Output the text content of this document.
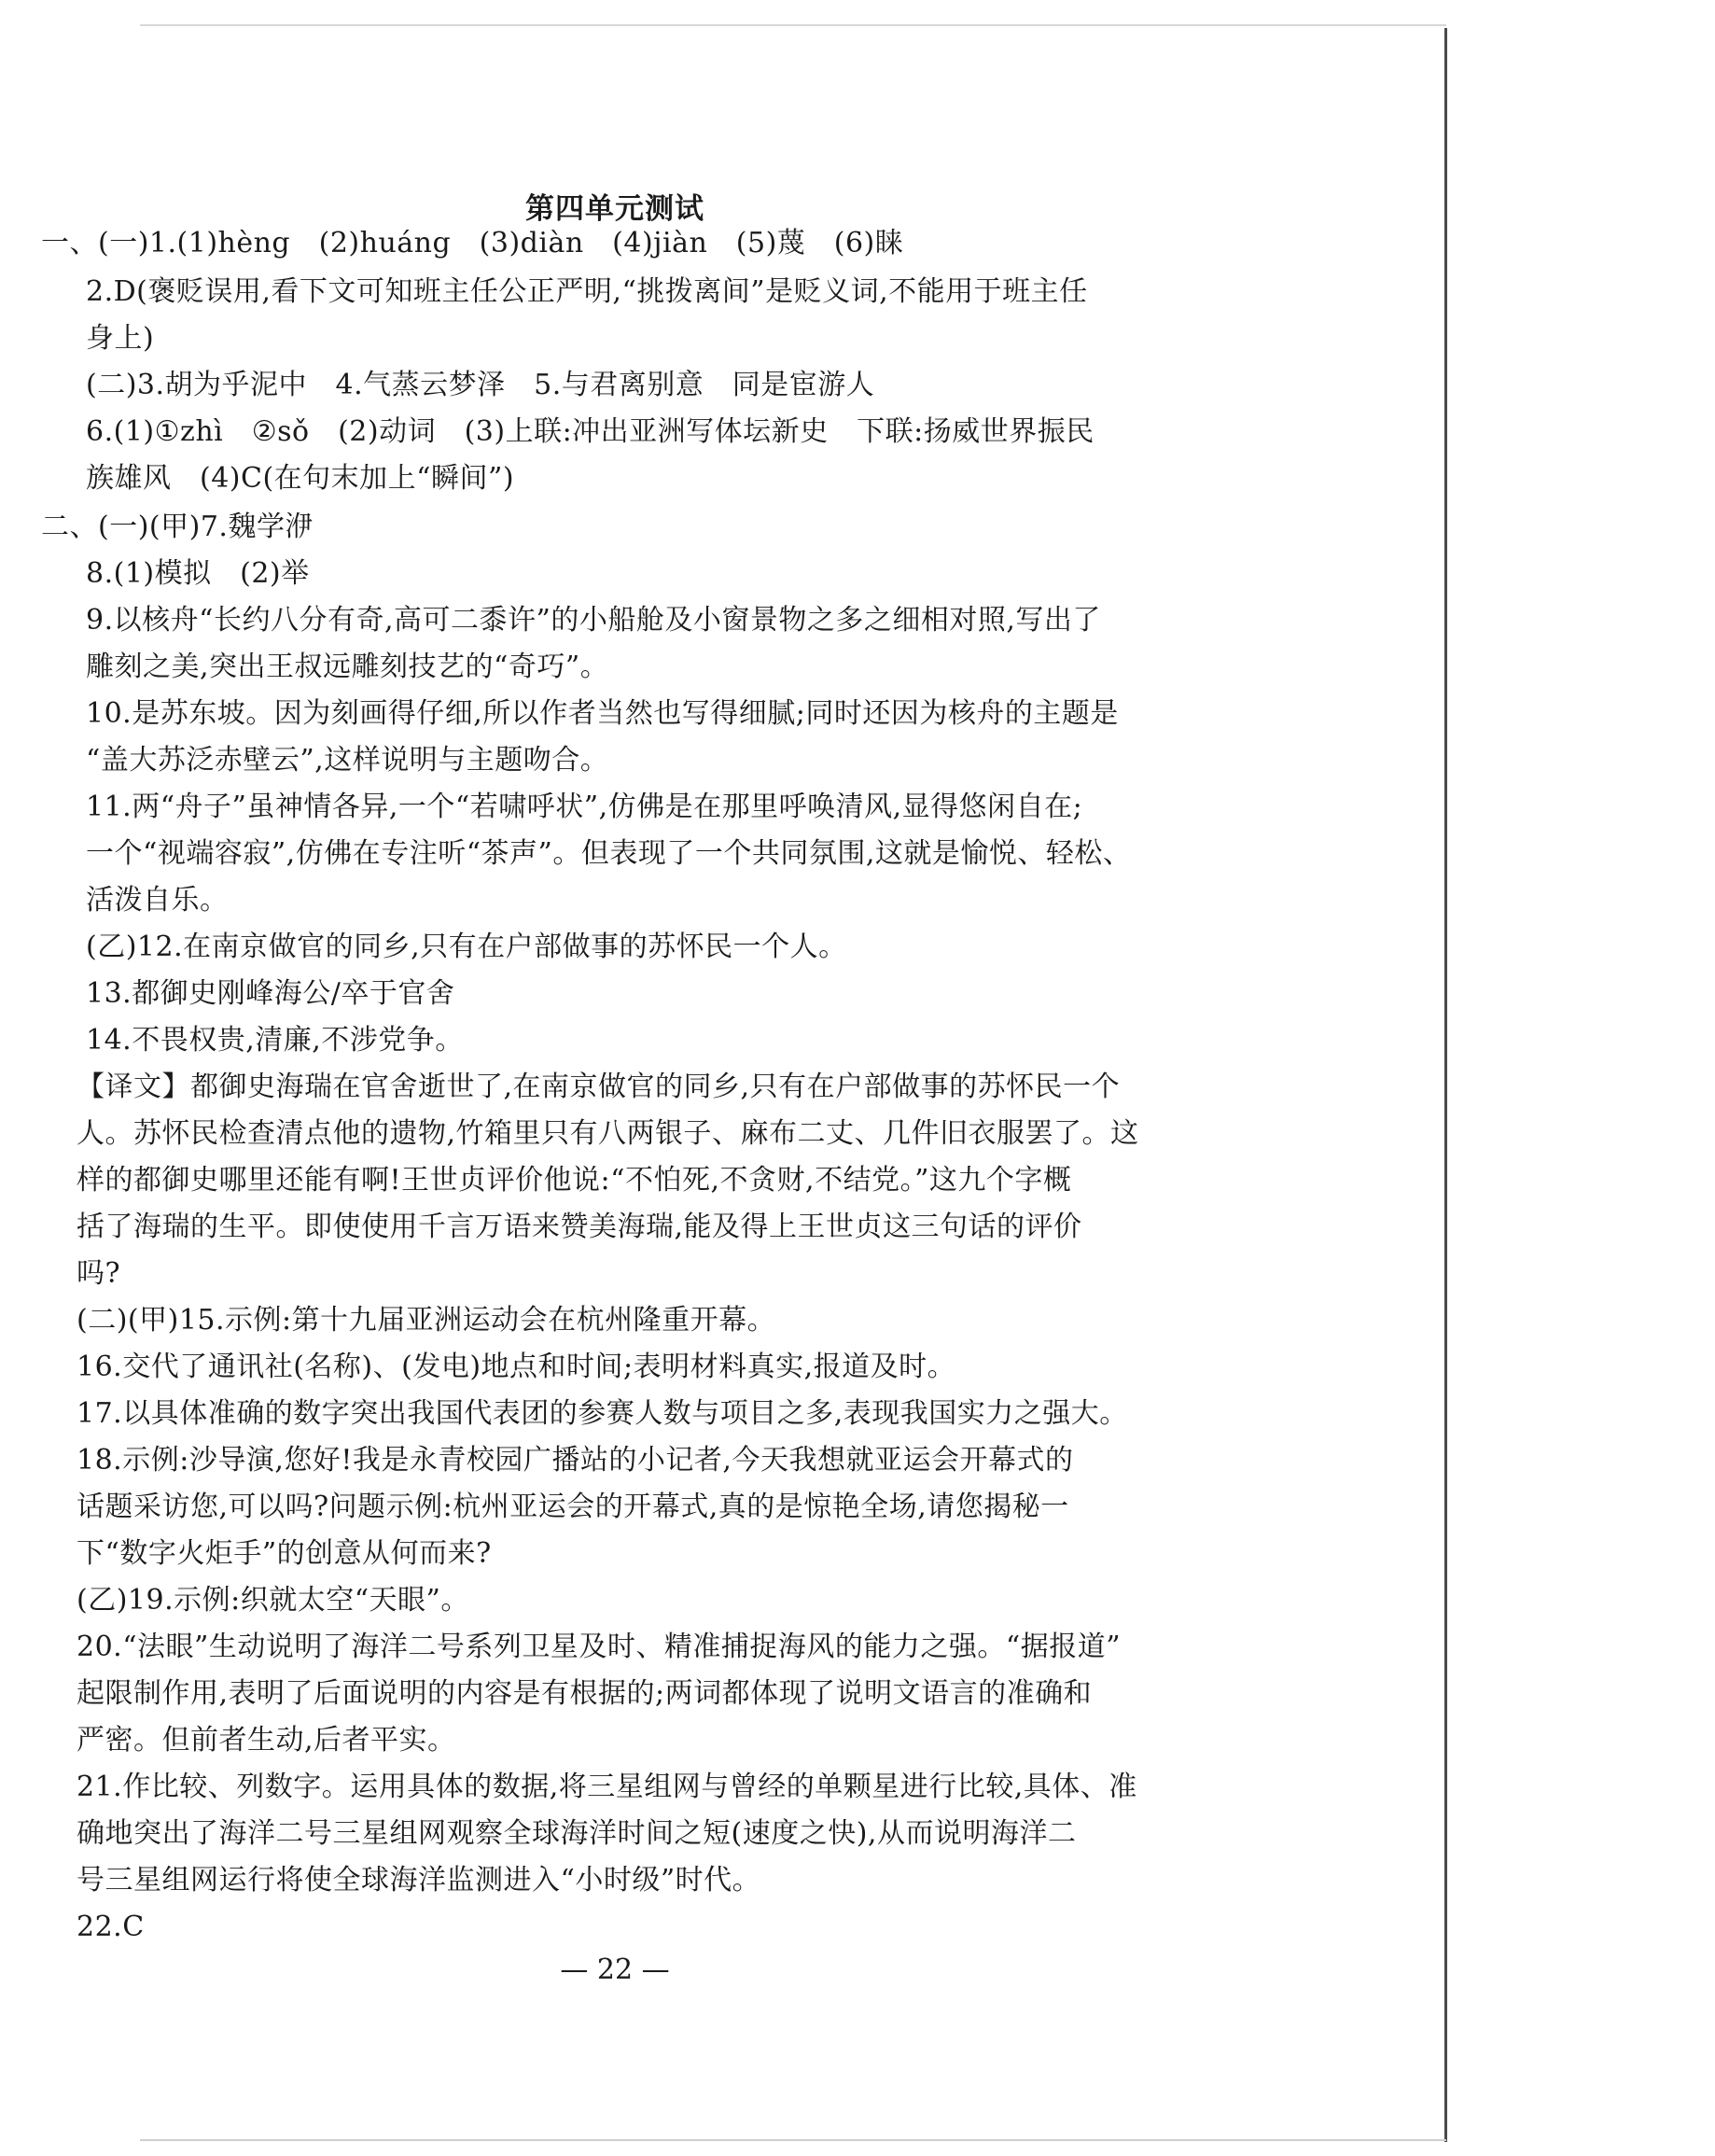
第四单元测试
一、(一)1.(1)hèng　(2)huáng　(3)diàn　(4)jiàn　(5)蔑　(6)睐
2.D(褒贬误用,看下文可知班主任公正严明,“挑拨离间”是贬义词,不能用于班主任
身上)
(二)3.胡为乎泥中　4.气蒸云梦泽　5.与君离别意　同是宦游人
6.(1)①zhì　②sǒ　(2)动词　(3)上联:冲出亚洲写体坛新史　下联:扬威世界振民
族雄风　(4)C(在句末加上“瞬间”)
二、(一)(甲)7.魏学洢
8.(1)模拟　(2)举
9.以核舟“长约八分有奇,高可二黍许”的小船舱及小窗景物之多之细相对照,写出了
雕刻之美,突出王叔远雕刻技艺的“奇巧”。
10.是苏东坡。因为刻画得仔细,所以作者当然也写得细腻;同时还因为核舟的主题是
“盖大苏泛赤壁云”,这样说明与主题吻合。
11.两“舟子”虽神情各异,一个“若啸呼状”,仿佛是在那里呼唤清风,显得悠闲自在;
一个“视端容寂”,仿佛在专注听“茶声”。但表现了一个共同氛围,这就是愉悦、轻松、
活泼自乐。
(乙)12.在南京做官的同乡,只有在户部做事的苏怀民一个人。
13.都御史刚峰海公/卒于官舍
14.不畏权贵,清廉,不涉党争。
【译文】都御史海瑞在官舍逝世了,在南京做官的同乡,只有在户部做事的苏怀民一个
人。苏怀民检查清点他的遗物,竹箱里只有八两银子、麻布二丈、几件旧衣服罢了。这
样的都御史哪里还能有啊!王世贞评价他说:“不怕死,不贪财,不结党。”这九个字概
括了海瑞的生平。即使使用千言万语来赞美海瑞,能及得上王世贞这三句话的评价
吗?
(二)(甲)15.示例:第十九届亚洲运动会在杭州隆重开幕。
16.交代了通讯社(名称)、(发电)地点和时间;表明材料真实,报道及时。
17.以具体准确的数字突出我国代表团的参赛人数与项目之多,表现我国实力之强大。
18.示例:沙导演,您好!我是永青校园广播站的小记者,今天我想就亚运会开幕式的
话题采访您,可以吗?问题示例:杭州亚运会的开幕式,真的是惊艳全场,请您揭秘一
下“数字火炬手”的创意从何而来?
(乙)19.示例:织就太空“天眼”。
20.“法眼”生动说明了海洋二号系列卫星及时、精准捕捉海风的能力之强。“据报道”
起限制作用,表明了后面说明的内容是有根据的;两词都体现了说明文语言的准确和
严密。但前者生动,后者平实。
21.作比较、列数字。运用具体的数据,将三星组网与曾经的单颗星进行比较,具体、准
确地突出了海洋二号三星组网观察全球海洋时间之短(速度之快),从而说明海洋二
号三星组网运行将使全球海洋监测进入“小时级”时代。
22.C
— 22 —
